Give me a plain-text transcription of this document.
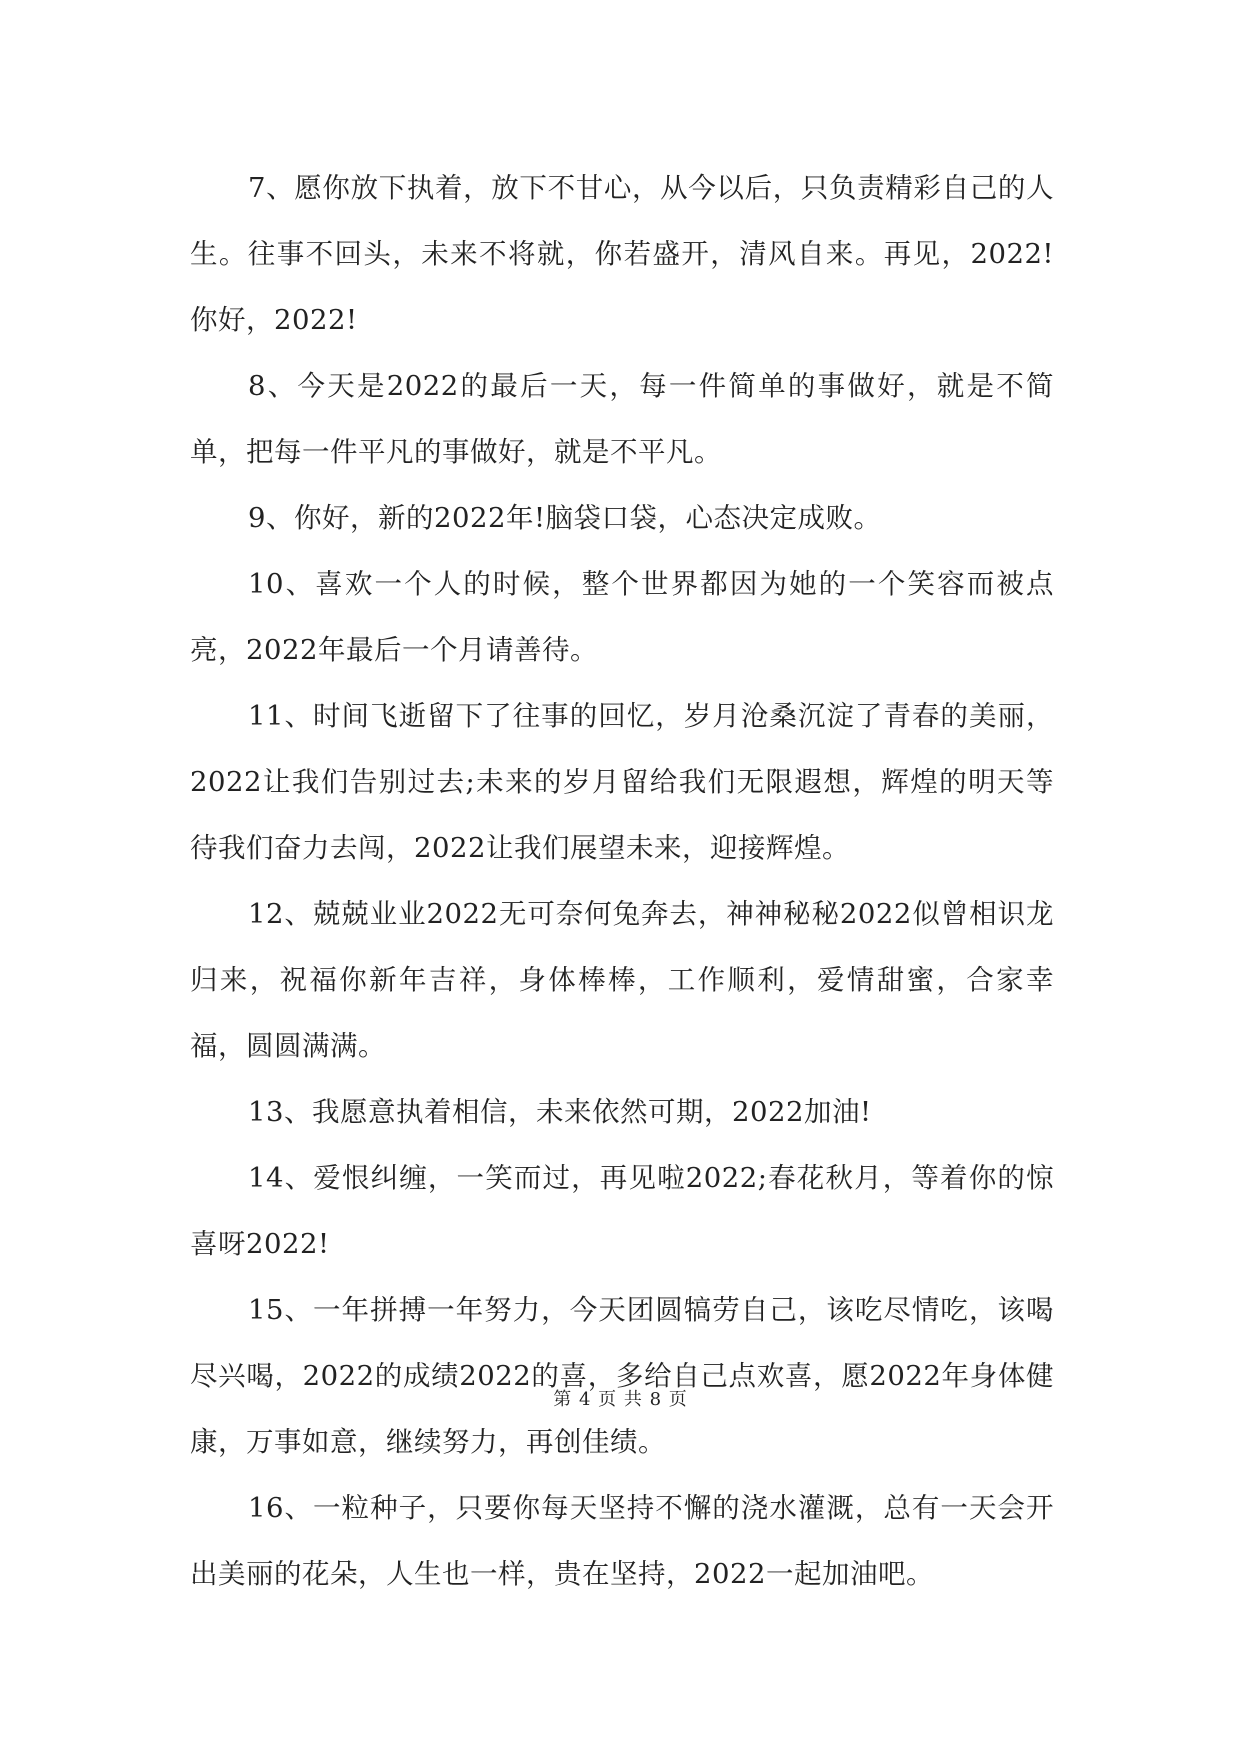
7、愿你放下执着，放下不甘心，从今以后，只负责精彩自己的人生。往事不回头，未来不将就，你若盛开，清风自来。再见，2022!你好，2022!

8、今天是2022的最后一天，每一件简单的事做好，就是不简单，把每一件平凡的事做好，就是不平凡。

9、你好，新的2022年!脑袋口袋，心态决定成败。

10、喜欢一个人的时候，整个世界都因为她的一个笑容而被点亮，2022年最后一个月请善待。

11、时间飞逝留下了往事的回忆，岁月沧桑沉淀了青春的美丽，2022让我们告别过去;未来的岁月留给我们无限遐想，辉煌的明天等待我们奋力去闯，2022让我们展望未来，迎接辉煌。

12、兢兢业业2022无可奈何兔奔去，神神秘秘2022似曾相识龙归来，祝福你新年吉祥，身体棒棒，工作顺利，爱情甜蜜，合家幸福，圆圆满满。

13、我愿意执着相信，未来依然可期，2022加油!

14、爱恨纠缠，一笑而过，再见啦2022;春花秋月，等着你的惊喜呀2022!

15、一年拼搏一年努力，今天团圆犒劳自己，该吃尽情吃，该喝尽兴喝，2022的成绩2022的喜，多给自己点欢喜，愿2022年身体健康，万事如意，继续努力，再创佳绩。

16、一粒种子，只要你每天坚持不懈的浇水灌溉，总有一天会开出美丽的花朵，人生也一样，贵在坚持，2022一起加油吧。

第 4 页 共 8 页
